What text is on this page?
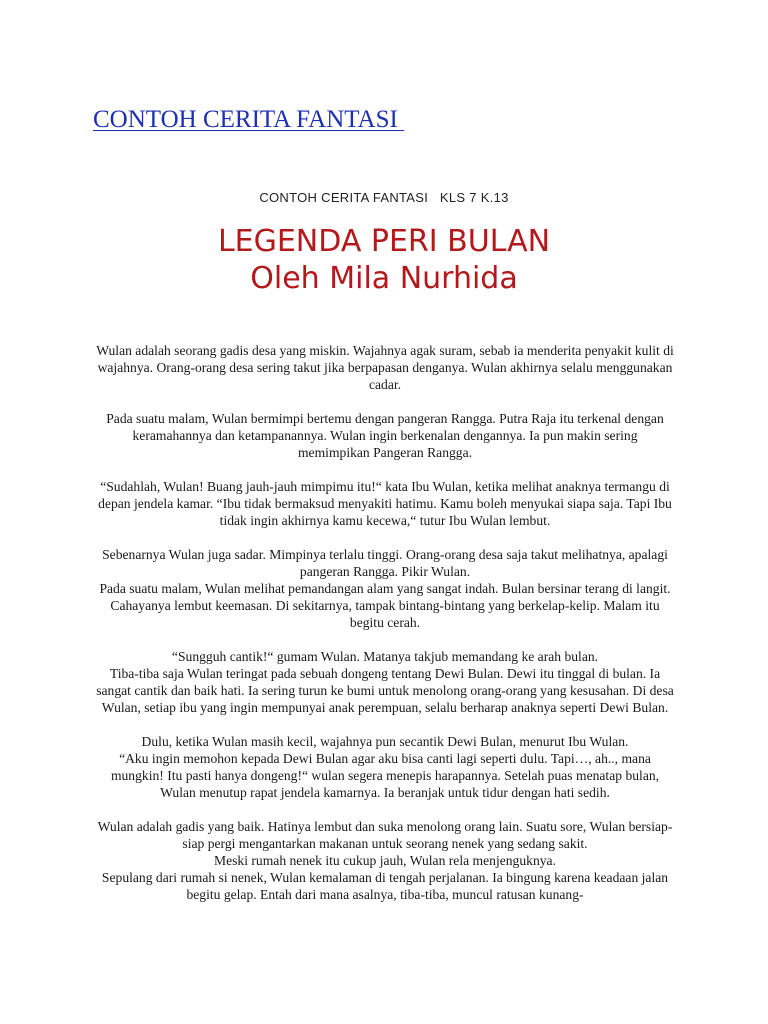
CONTOH CERITA FANTASI
CONTOH CERITA FANTASI   KLS 7 K.13
LEGENDA PERI BULAN
Oleh Mila Nurhida

Wulan adalah seorang gadis desa yang miskin. Wajahnya agak suram, sebab ia menderita penyakit kulit di wajahnya. Orang-orang desa sering takut jika berpapasan denganya. Wulan akhirnya selalu menggunakan cadar.

Pada suatu malam, Wulan bermimpi bertemu dengan pangeran Rangga. Putra Raja itu terkenal dengan keramahannya dan ketampanannya. Wulan ingin berkenalan dengannya. Ia pun makin sering memimpikan Pangeran Rangga.

“Sudahlah, Wulan! Buang jauh-jauh mimpimu itu!“ kata Ibu Wulan, ketika melihat anaknya termangu di depan jendela kamar. “Ibu tidak bermaksud menyakiti hatimu. Kamu boleh menyukai siapa saja. Tapi Ibu tidak ingin akhirnya kamu kecewa,“ tutur Ibu Wulan lembut.

Sebenarnya Wulan juga sadar. Mimpinya terlalu tinggi. Orang-orang desa saja takut melihatnya, apalagi pangeran Rangga. Pikir Wulan.

Pada suatu malam, Wulan melihat pemandangan alam yang sangat indah. Bulan bersinar terang di langit. Cahayanya lembut keemasan. Di sekitarnya, tampak bintang-bintang yang berkelap-kelip. Malam itu begitu cerah.

“Sungguh cantik!“ gumam Wulan. Matanya takjub memandang ke arah bulan.

Tiba-tiba saja Wulan teringat pada sebuah dongeng tentang Dewi Bulan. Dewi itu tinggal di bulan. Ia sangat cantik dan baik hati. Ia sering turun ke bumi untuk menolong orang-orang yang kesusahan. Di desa Wulan, setiap ibu yang ingin mempunyai anak perempuan, selalu berharap anaknya seperti Dewi Bulan.

Dulu, ketika Wulan masih kecil, wajahnya pun secantik Dewi Bulan, menurut Ibu Wulan.

“Aku ingin memohon kepada Dewi Bulan agar aku bisa canti lagi seperti dulu. Tapi…, ah.., mana mungkin! Itu pasti hanya dongeng!“ wulan segera menepis harapannya. Setelah puas menatap bulan, Wulan menutup rapat jendela kamarnya. Ia beranjak untuk tidur dengan hati sedih.

Wulan adalah gadis yang baik. Hatinya lembut dan suka menolong orang lain. Suatu sore, Wulan bersiap-siap pergi mengantarkan makanan untuk seorang nenek yang sedang sakit.

Meski rumah nenek itu cukup jauh, Wulan rela menjenguknya.

Sepulang dari rumah si nenek, Wulan kemalaman di tengah perjalanan. Ia bingung karena keadaan jalan begitu gelap. Entah dari mana asalnya, tiba-tiba, muncul ratusan kunang-
